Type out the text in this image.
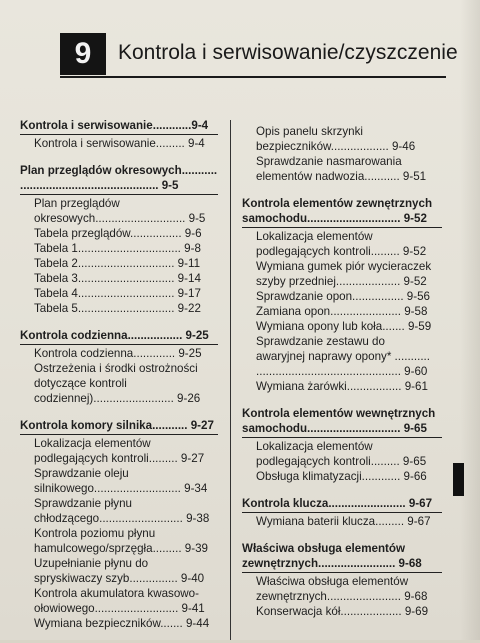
9	Kontrola i serwisowanie/czyszczenie
Kontrola i serwisowanie............9-4
Kontrola i serwisowanie......... 9-4
Plan przeglądów okresowych...........
........................................... 9-5
Plan przeglądów
okresowych............................ 9-5
Tabela przeglądów................ 9-6
Tabela 1................................ 9-8
Tabela 2.............................. 9-11
Tabela 3.............................. 9-14
Tabela 4.............................. 9-17
Tabela 5.............................. 9-22
Kontrola codzienna................. 9-25
Kontrola codzienna............. 9-25
Ostrzeżenia i środki ostrożności
dotyczące kontroli
codziennej)......................... 9-26
Kontrola komory silnika........... 9-27
Lokalizacja elementów
podlegających kontroli......... 9-27
Sprawdzanie oleju
silnikowego........................... 9-34
Sprawdzanie płynu
chłodzącego.......................... 9-38
Kontrola poziomu płynu
hamulcowego/sprzęgła......... 9-39
Uzupełnianie płynu do
spryskiwaczy szyb............... 9-40
Kontrola akumulatora kwasowo-
ołowiowego.......................... 9-41
Wymiana bezpieczników....... 9-44
Opis panelu skrzynki
bezpieczników.................. 9-46
Sprawdzanie nasmarowania
elementów nadwozia........... 9-51
Kontrola elementów zewnętrznych
samochodu............................. 9-52
Lokalizacja elementów
podlegających kontroli......... 9-52
Wymiana gumek piór wycieraczek
szyby przedniej.................... 9-52
Sprawdzanie opon................ 9-56
Zamiana opon...................... 9-58
Wymiana opony lub koła....... 9-59
Sprawdzanie zestawu do
awaryjnej naprawy opony* ...........
............................................. 9-60
Wymiana żarówki................. 9-61
Kontrola elementów wewnętrznych
samochodu............................. 9-65
Lokalizacja elementów
podlegających kontroli......... 9-65
Obsługa klimatyzacji............ 9-66
Kontrola klucza........................ 9-67
Wymiana baterii klucza......... 9-67
Właściwa obsługa elementów
zewnętrznych........................ 9-68
Właściwa obsługa elementów
zewnętrznych....................... 9-68
Konserwacja kół................... 9-69
